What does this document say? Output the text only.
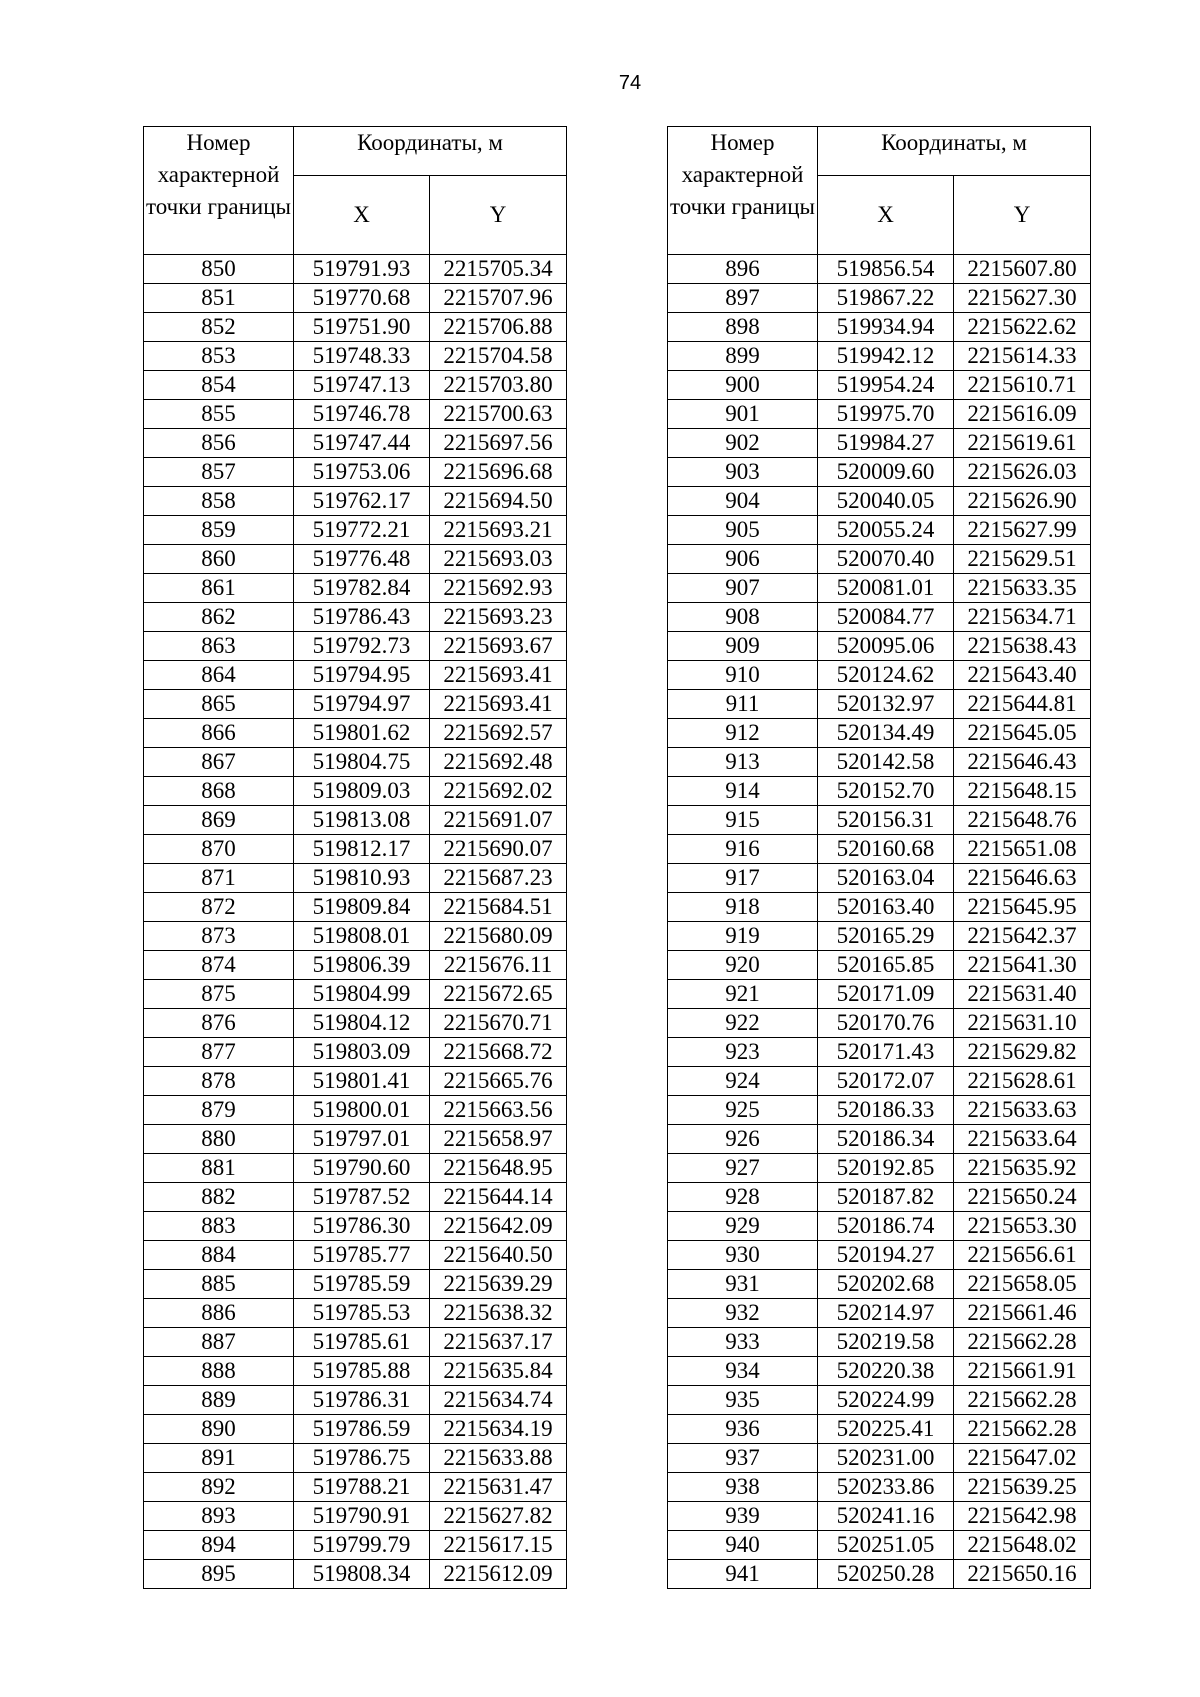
74
Номер характерной точки границы	Координаты, м	
	X	Y
850	519791.93	2215705.34
851	519770.68	2215707.96
852	519751.90	2215706.88
853	519748.33	2215704.58
854	519747.13	2215703.80
855	519746.78	2215700.63
856	519747.44	2215697.56
857	519753.06	2215696.68
858	519762.17	2215694.50
859	519772.21	2215693.21
860	519776.48	2215693.03
861	519782.84	2215692.93
862	519786.43	2215693.23
863	519792.73	2215693.67
864	519794.95	2215693.41
865	519794.97	2215693.41
866	519801.62	2215692.57
867	519804.75	2215692.48
868	519809.03	2215692.02
869	519813.08	2215691.07
870	519812.17	2215690.07
871	519810.93	2215687.23
872	519809.84	2215684.51
873	519808.01	2215680.09
874	519806.39	2215676.11
875	519804.99	2215672.65
876	519804.12	2215670.71
877	519803.09	2215668.72
878	519801.41	2215665.76
879	519800.01	2215663.56
880	519797.01	2215658.97
881	519790.60	2215648.95
882	519787.52	2215644.14
883	519786.30	2215642.09
884	519785.77	2215640.50
885	519785.59	2215639.29
886	519785.53	2215638.32
887	519785.61	2215637.17
888	519785.88	2215635.84
889	519786.31	2215634.74
890	519786.59	2215634.19
891	519786.75	2215633.88
892	519788.21	2215631.47
893	519790.91	2215627.82
894	519799.79	2215617.15
895	519808.34	2215612.09
Номер характерной точки границы	Координаты, м	
	X	Y
896	519856.54	2215607.80
897	519867.22	2215627.30
898	519934.94	2215622.62
899	519942.12	2215614.33
900	519954.24	2215610.71
901	519975.70	2215616.09
902	519984.27	2215619.61
903	520009.60	2215626.03
904	520040.05	2215626.90
905	520055.24	2215627.99
906	520070.40	2215629.51
907	520081.01	2215633.35
908	520084.77	2215634.71
909	520095.06	2215638.43
910	520124.62	2215643.40
911	520132.97	2215644.81
912	520134.49	2215645.05
913	520142.58	2215646.43
914	520152.70	2215648.15
915	520156.31	2215648.76
916	520160.68	2215651.08
917	520163.04	2215646.63
918	520163.40	2215645.95
919	520165.29	2215642.37
920	520165.85	2215641.30
921	520171.09	2215631.40
922	520170.76	2215631.10
923	520171.43	2215629.82
924	520172.07	2215628.61
925	520186.33	2215633.63
926	520186.34	2215633.64
927	520192.85	2215635.92
928	520187.82	2215650.24
929	520186.74	2215653.30
930	520194.27	2215656.61
931	520202.68	2215658.05
932	520214.97	2215661.46
933	520219.58	2215662.28
934	520220.38	2215661.91
935	520224.99	2215662.28
936	520225.41	2215662.28
937	520231.00	2215647.02
938	520233.86	2215639.25
939	520241.16	2215642.98
940	520251.05	2215648.02
941	520250.28	2215650.16
